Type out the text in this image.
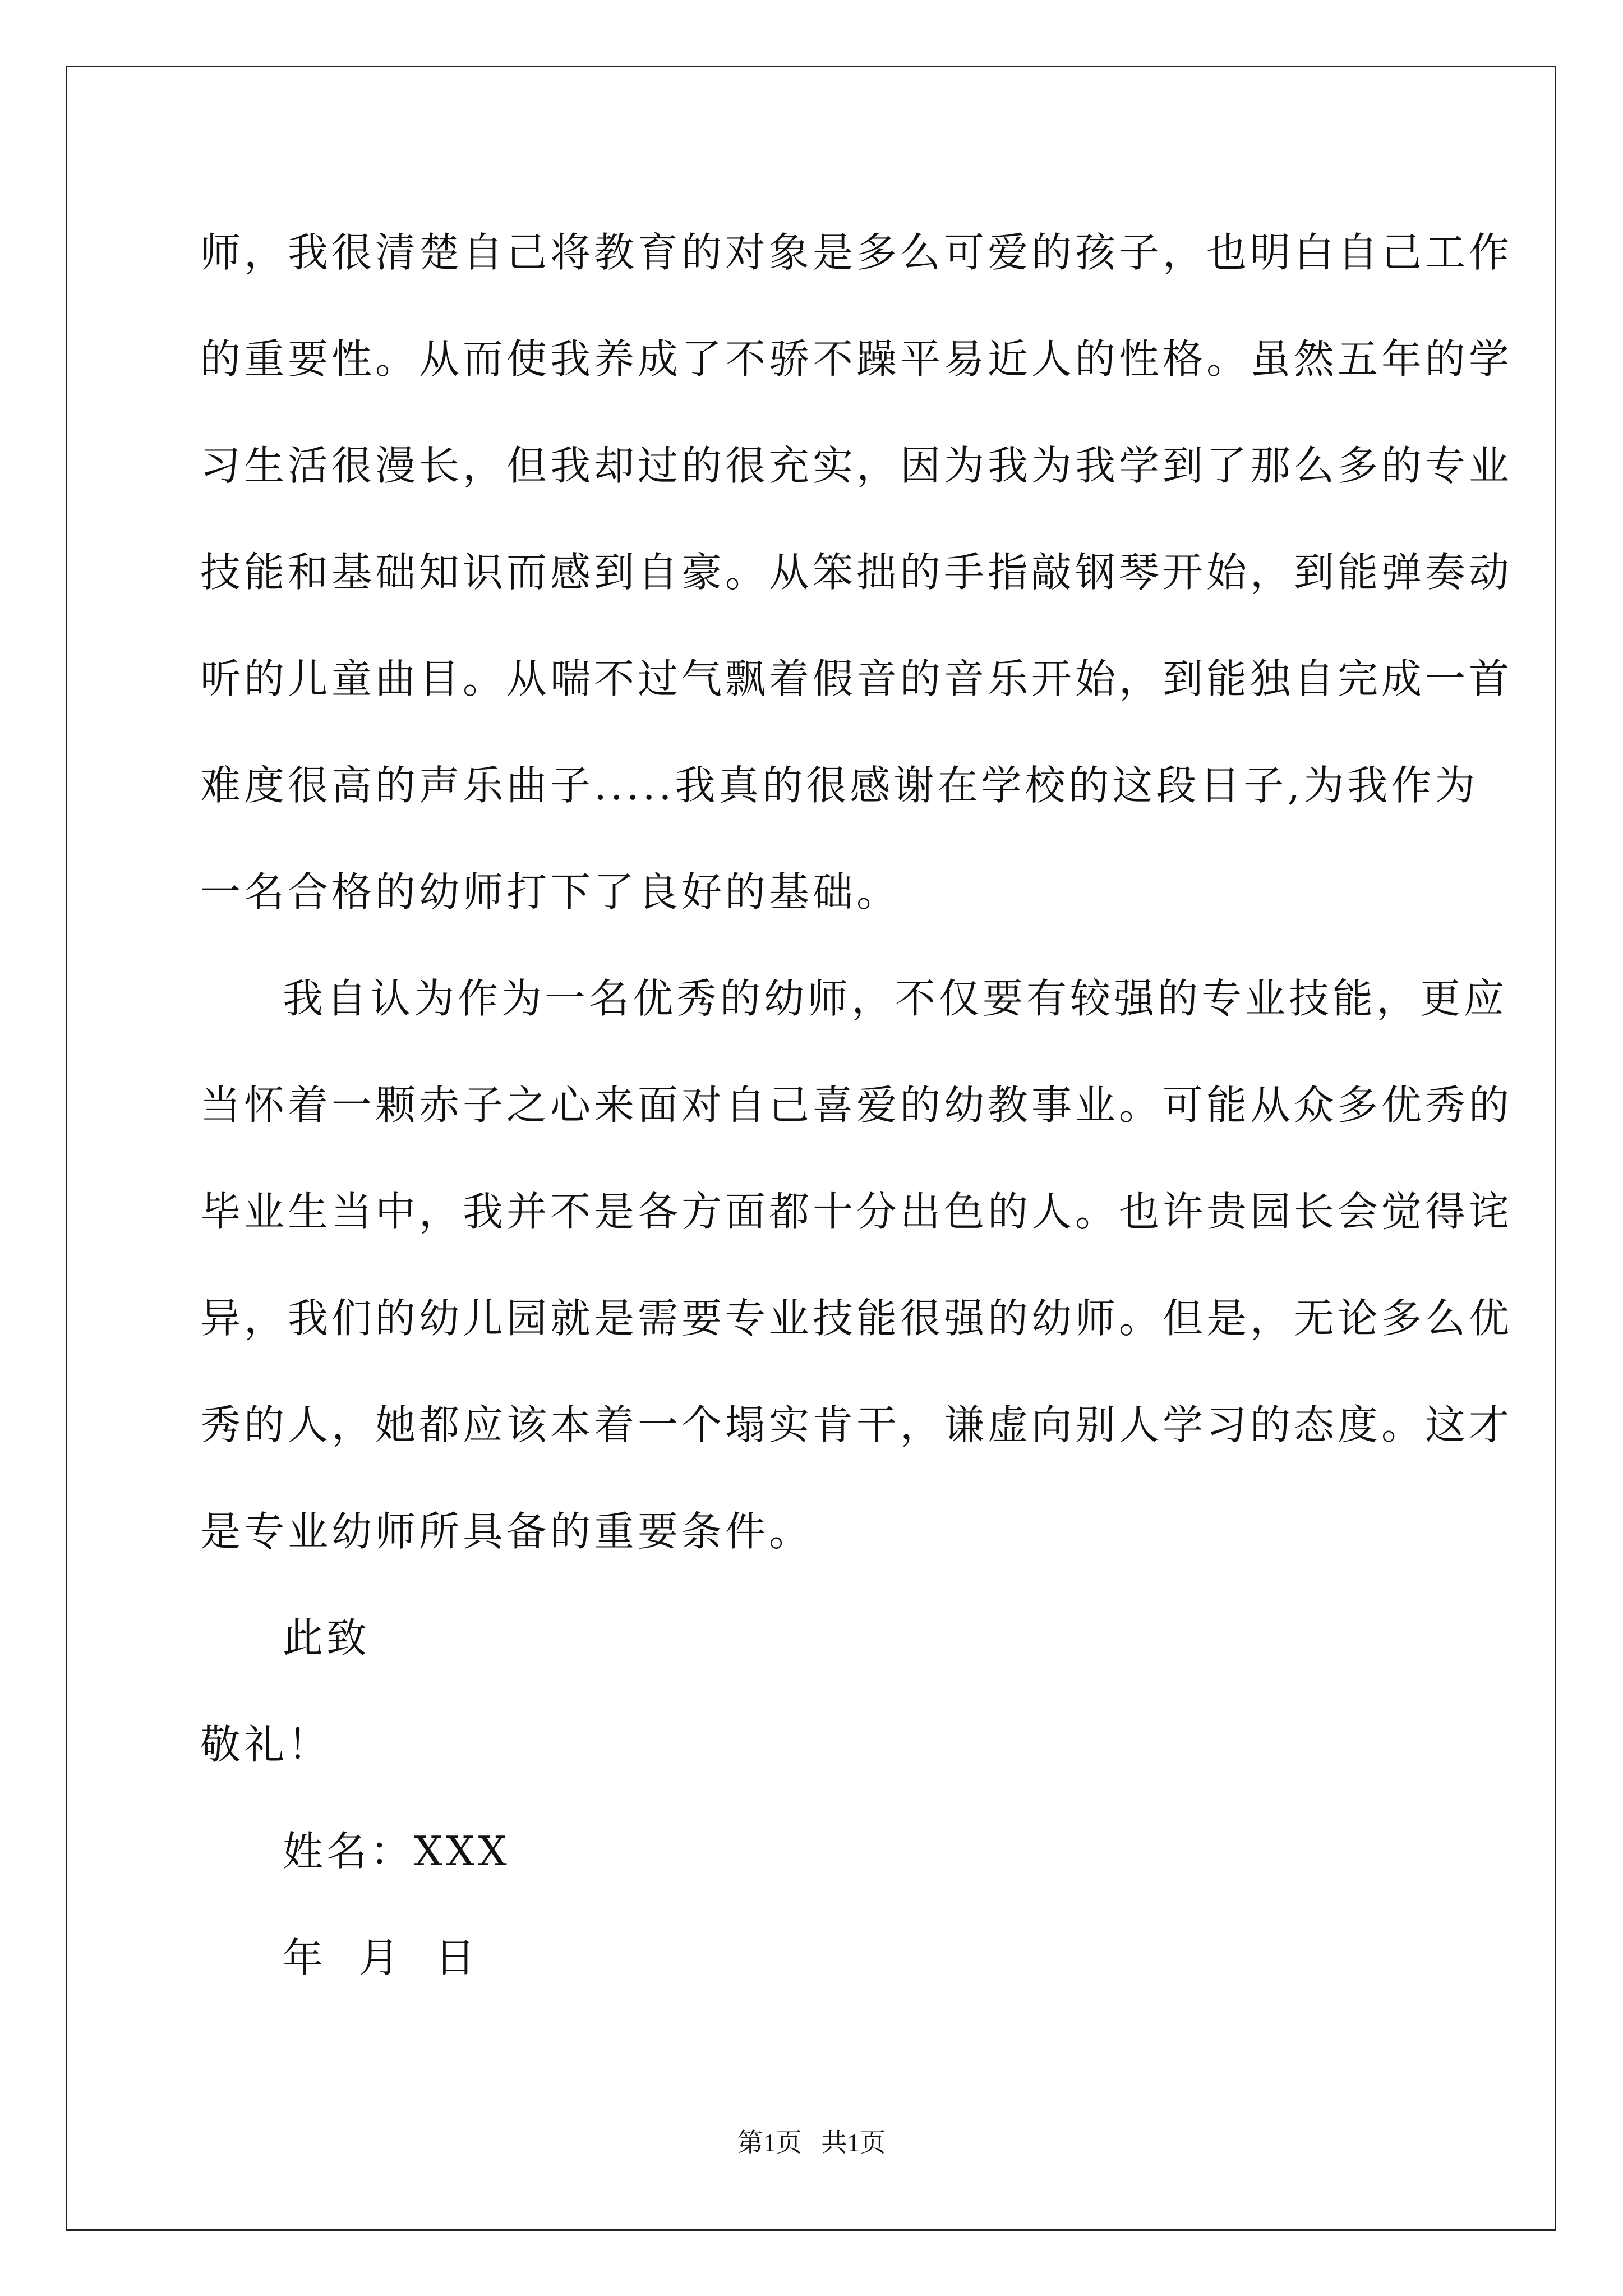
师，我很清楚自己将教育的对象是多么可爱的孩子，也明白自己工作
的重要性。从而使我养成了不骄不躁平易近人的性格。虽然五年的学
习生活很漫长，但我却过的很充实，因为我为我学到了那么多的专业
技能和基础知识而感到自豪。从笨拙的手指敲钢琴开始，到能弹奏动
听的儿童曲目。从喘不过气飘着假音的音乐开始，到能独自完成一首
难度很高的声乐曲子.....我真的很感谢在学校的这段日子,为我作为
一名合格的幼师打下了良好的基础。
我自认为作为一名优秀的幼师，不仅要有较强的专业技能，更应
当怀着一颗赤子之心来面对自己喜爱的幼教事业。可能从众多优秀的
毕业生当中，我并不是各方面都十分出色的人。也许贵园长会觉得诧
异，我们的幼儿园就是需要专业技能很强的幼师。但是，无论多么优
秀的人，她都应该本着一个塌实肯干，谦虚向别人学习的态度。这才
是专业幼师所具备的重要条件。
此致
敬礼！
姓名：XXX
年  月  日
第1页   共1页
